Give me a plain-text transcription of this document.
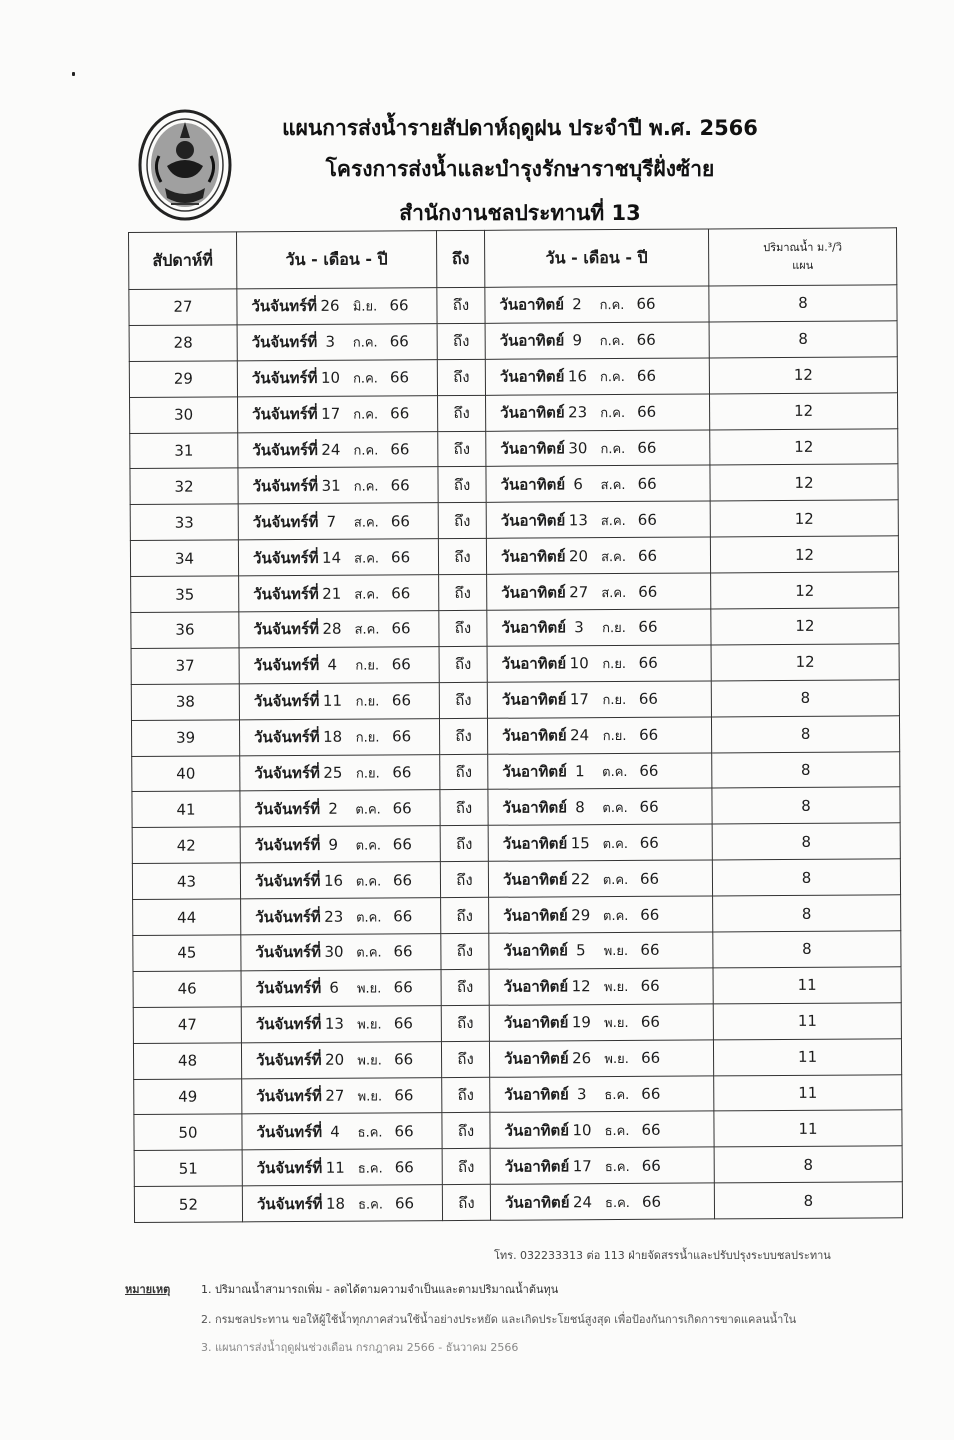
แผนการส่งน้ำรายสัปดาห์ฤดูฝน ประจำปี พ.ศ. 2566
โครงการส่งน้ำและบำรุงรักษาราชบุรีฝั่งซ้าย
สำนักงานชลประทานที่ 13
สัปดาห์ที่	วัน - เดือน - ปี	ถึง	วัน - เดือน - ปี	ปริมาณน้ำ ม.³/วิ
แผน

27	วันจันทร์ที่ 26 มิ.ย. 66	ถึง	วันอาทิตย์ 2 ก.ค. 66	8
28	วันจันทร์ที่ 3 ก.ค. 66	ถึง	วันอาทิตย์ 9 ก.ค. 66	8
29	วันจันทร์ที่ 10 ก.ค. 66	ถึง	วันอาทิตย์ 16 ก.ค. 66	12
30	วันจันทร์ที่ 17 ก.ค. 66	ถึง	วันอาทิตย์ 23 ก.ค. 66	12
31	วันจันทร์ที่ 24 ก.ค. 66	ถึง	วันอาทิตย์ 30 ก.ค. 66	12
32	วันจันทร์ที่ 31 ก.ค. 66	ถึง	วันอาทิตย์ 6 ส.ค. 66	12
33	วันจันทร์ที่ 7 ส.ค. 66	ถึง	วันอาทิตย์ 13 ส.ค. 66	12
34	วันจันทร์ที่ 14 ส.ค. 66	ถึง	วันอาทิตย์ 20 ส.ค. 66	12
35	วันจันทร์ที่ 21 ส.ค. 66	ถึง	วันอาทิตย์ 27 ส.ค. 66	12
36	วันจันทร์ที่ 28 ส.ค. 66	ถึง	วันอาทิตย์ 3 ก.ย. 66	12
37	วันจันทร์ที่ 4 ก.ย. 66	ถึง	วันอาทิตย์ 10 ก.ย. 66	12
38	วันจันทร์ที่ 11 ก.ย. 66	ถึง	วันอาทิตย์ 17 ก.ย. 66	8
39	วันจันทร์ที่ 18 ก.ย. 66	ถึง	วันอาทิตย์ 24 ก.ย. 66	8
40	วันจันทร์ที่ 25 ก.ย. 66	ถึง	วันอาทิตย์ 1 ต.ค. 66	8
41	วันจันทร์ที่ 2 ต.ค. 66	ถึง	วันอาทิตย์ 8 ต.ค. 66	8
42	วันจันทร์ที่ 9 ต.ค. 66	ถึง	วันอาทิตย์ 15 ต.ค. 66	8
43	วันจันทร์ที่ 16 ต.ค. 66	ถึง	วันอาทิตย์ 22 ต.ค. 66	8
44	วันจันทร์ที่ 23 ต.ค. 66	ถึง	วันอาทิตย์ 29 ต.ค. 66	8
45	วันจันทร์ที่ 30 ต.ค. 66	ถึง	วันอาทิตย์ 5 พ.ย. 66	8
46	วันจันทร์ที่ 6 พ.ย. 66	ถึง	วันอาทิตย์ 12 พ.ย. 66	11
47	วันจันทร์ที่ 13 พ.ย. 66	ถึง	วันอาทิตย์ 19 พ.ย. 66	11
48	วันจันทร์ที่ 20 พ.ย. 66	ถึง	วันอาทิตย์ 26 พ.ย. 66	11
49	วันจันทร์ที่ 27 พ.ย. 66	ถึง	วันอาทิตย์ 3 ธ.ค. 66	11
50	วันจันทร์ที่ 4 ธ.ค. 66	ถึง	วันอาทิตย์ 10 ธ.ค. 66	11
51	วันจันทร์ที่ 11 ธ.ค. 66	ถึง	วันอาทิตย์ 17 ธ.ค. 66	8
52	วันจันทร์ที่ 18 ธ.ค. 66	ถึง	วันอาทิตย์ 24 ธ.ค. 66	8
โทร. 032233313 ต่อ 113 ฝ่ายจัดสรรน้ำและปรับปรุงระบบชลประทาน
หมายเหตุ	1. ปริมาณน้ำสามารถเพิ่ม - ลดได้ตามความจำเป็นและตามปริมาณน้ำต้นทุน
2. กรมชลประทาน ขอให้ผู้ใช้น้ำทุกภาคส่วนใช้น้ำอย่างประหยัด และเกิดประโยชน์สูงสุด เพื่อป้องกันการเกิดการขาดแคลนน้ำใน
3. แผนการส่งน้ำฤดูฝนช่วงเดือน กรกฎาคม 2566 - ธันวาคม 2566
